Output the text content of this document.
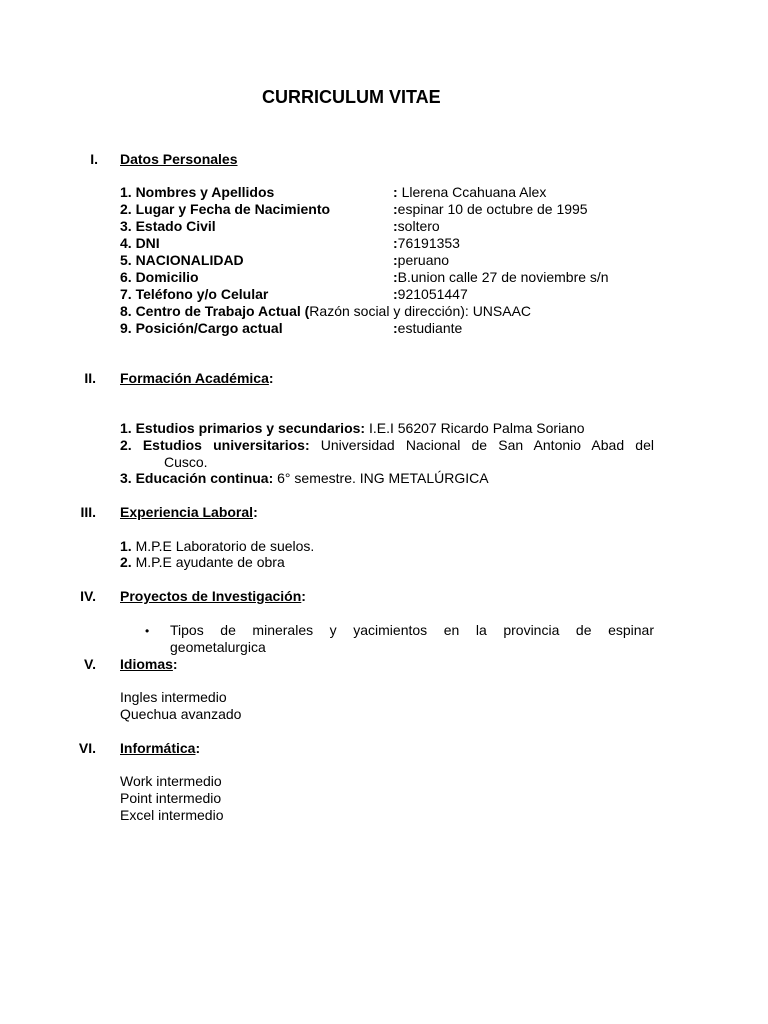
CURRICULUM VITAE
I. Datos Personales
1. Nombres y Apellidos	: Llerena Ccahuana Alex
2. Lugar y Fecha de Nacimiento	:espinar 10 de octubre de 1995
3. Estado Civil	:soltero
4. DNI	:76191353
5. NACIONALIDAD	:peruano
6. Domicilio	:B.union calle 27 de noviembre s/n
7. Teléfono y/o Celular	:921051447
8. Centro de Trabajo Actual (Razón social y dirección): UNSAAC
9. Posición/Cargo actual	:estudiante
II. Formación Académica:
1. Estudios primarios y secundarios: I.E.I 56207 Ricardo Palma Soriano
2. Estudios universitarios: Universidad Nacional de San Antonio Abad del
Cusco.
3. Educación continua: 6° semestre. ING METALÚRGICA
III. Experiencia Laboral:
1. M.P.E Laboratorio de suelos.
2. M.P.E ayudante de obra
IV. Proyectos de Investigación:
• Tipos de minerales y yacimientos en la provincia de espinar
geometalurgica
V. Idiomas:
Ingles intermedio
Quechua avanzado
VI. Informática:
Work intermedio
Point intermedio
Excel intermedio
